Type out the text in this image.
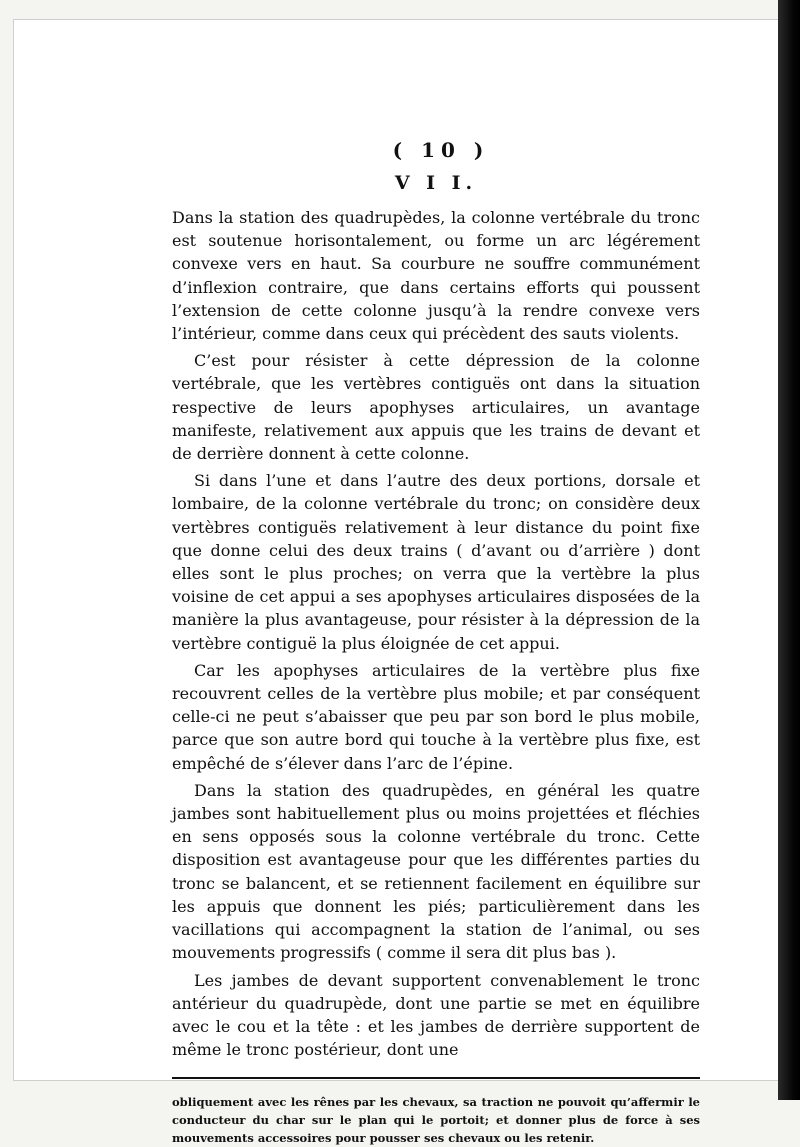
( 10 )
V I I.

Dans la station des quadrupèdes, la colonne vertébrale du tronc est soutenue horisontalement, ou forme un arc légérement convexe vers en haut. Sa courbure ne souffre communément d’inflexion contraire, que dans certains efforts qui poussent l’extension de cette colonne jusqu’à la rendre convexe vers l’intérieur, comme dans ceux qui précèdent des sauts violents.

C’est pour résister à cette dépression de la colonne vertébrale, que les vertèbres contiguës ont dans la situation respective de leurs apophyses articulaires, un avantage manifeste, relativement aux appuis que les trains de devant et de derrière donnent à cette colonne.

Si dans l’une et dans l’autre des deux portions, dorsale et lombaire, de la colonne vertébrale du tronc; on considère deux vertèbres contiguës relativement à leur distance du point fixe que donne celui des deux trains ( d’avant ou d’arrière ) dont elles sont le plus proches; on verra que la vertèbre la plus voisine de cet appui a ses apophyses articulaires disposées de la manière la plus avantageuse, pour résister à la dépression de la vertèbre contiguë la plus éloignée de cet appui.

Car les apophyses articulaires de la vertèbre plus fixe recouvrent celles de la vertèbre plus mobile; et par conséquent celle-ci ne peut s’abaisser que peu par son bord le plus mobile, parce que son autre bord qui touche à la vertèbre plus fixe, est empêché de s’élever dans l’arc de l’épine.

Dans la station des quadrupèdes, en général les quatre jambes sont habituellement plus ou moins projettées et fléchies en sens opposés sous la colonne vertébrale du tronc. Cette disposition est avantageuse pour que les différentes parties du tronc se balancent, et se retiennent facilement en équilibre sur les appuis que donnent les piés; particulièrement dans les vacillations qui accompagnent la station de l’animal, ou ses mouvements progressifs ( comme il sera dit plus bas ).

Les jambes de devant supportent convenablement le tronc antérieur du quadrupède, dont une partie se met en équilibre avec le cou et la tête : et les jambes de derrière supportent de même le tronc postérieur, dont une

obliquement avec les rênes par les chevaux, sa traction ne pouvoit qu’affermir le conducteur du char sur le plan qui le portoit; et donner plus de force à ses mouvements accessoires pour pousser ses chevaux ou les retenir.
